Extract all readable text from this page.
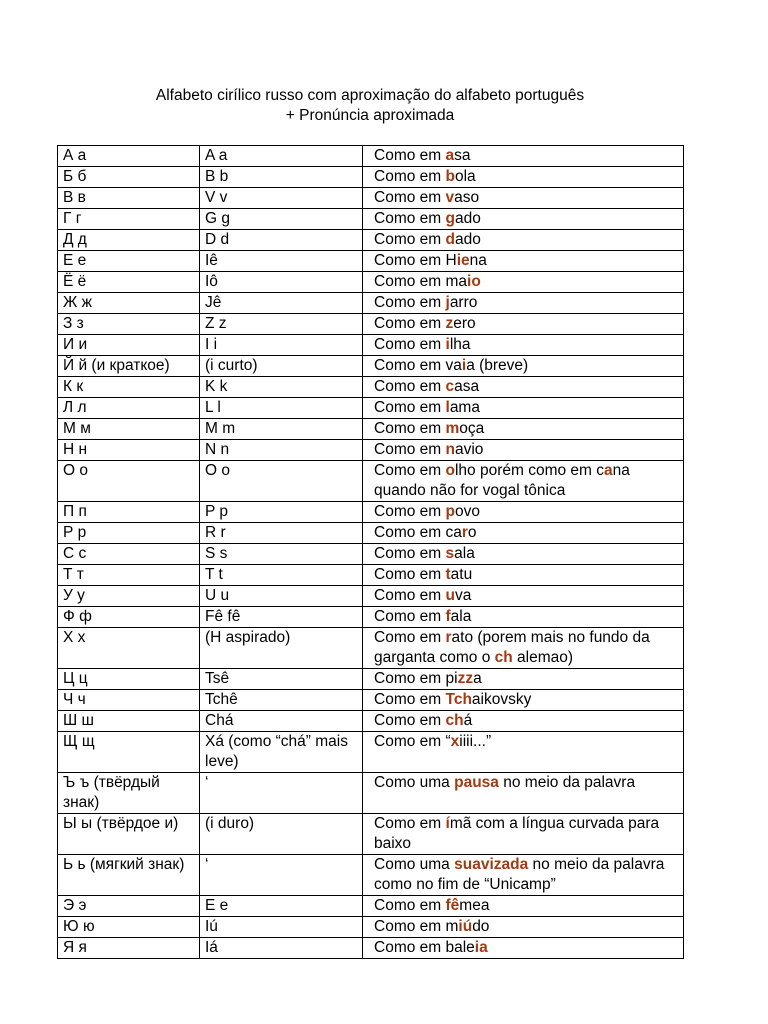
Alfabeto cirílico russo com aproximação do alfabeto português
+ Pronúncia aproximada
А а	A a	Como em asa
Б б	B b	Como em bola
В в	V v	Como em vaso
Г г	G g	Como em gado
Д д	D d	Como em dado
Е е	Iê	Como em Hiena
Ё ё	Iô	Como em maio
Ж ж	Jê	Como em jarro
З з	Z z	Como em zero
И и	I i	Como em ilha
Й й (и краткое)	(i curto)	Como em vaia (breve)
К к	K k	Como em casa
Л л	L l	Como em lama
М м	M m	Como em moça
Н н	N n	Como em navio
О о	O o	Como em olho porém como em cana quando não for vogal tônica
П п	P p	Como em povo
Р р	R r	Como em caro
С с	S s	Como em sala
Т т	T t	Como em tatu
У у	U u	Como em uva
Ф ф	Fê fê	Como em fala
Х х	(H aspirado)	Como em rato (porem mais no fundo da garganta como o ch alemao)
Ц ц	Tsê	Como em pizza
Ч ч	Tchê	Como em Tchaikovsky
Ш ш	Chá	Como em chá
Щ щ	Xá (como “chá” mais leve)	Como em “xiiii...”
Ъ ъ (твёрдый знак)	‘	Como uma pausa no meio da palavra
Ы ы (твёрдое и)	(i duro)	Como em ímã com a língua curvada para baixo
Ь ь (мягкий знак)	‘	Como uma suavizada no meio da palavra como no fim de “Unicamp”
Э э	E e	Como em fêmea
Ю ю	Iú	Como em miúdo
Я я	Iá	Como em baleia
